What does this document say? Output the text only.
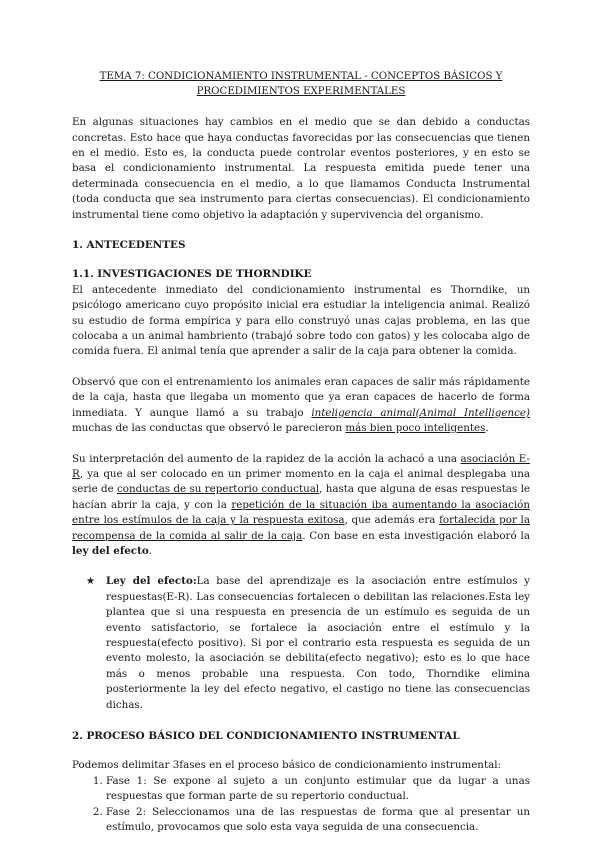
TEMA 7: CONDICIONAMIENTO INSTRUMENTAL - CONCEPTOS BÁSICOS Y
PROCEDIMIENTOS EXPERIMENTALES

En algunas situaciones hay cambios en el medio que se dan debido a conductas concretas. Esto hace que haya conductas favorecidas por las consecuencias que tienen en el medio. Esto es, la conducta puede controlar eventos posteriores, y en esto se basa el condicionamiento instrumental. La respuesta emitida puede tener una determinada consecuencia en el medio, a lo que llamamos Conducta Instrumental (toda conducta que sea instrumento para ciertas consecuencias). El condicionamiento instrumental tiene como objetivo la adaptación y supervivencia del organismo.

1. ANTECEDENTES
1.1. INVESTIGACIONES DE THORNDIKE

El antecedente inmediato del condicionamiento instrumental es Thorndike, un psicólogo americano cuyo propósito inicial era estudiar la inteligencia animal. Realizó su estudio de forma empírica y para ello construyó unas cajas problema, en las que colocaba a un animal hambriento (trabajó sobre todo con gatos) y les colocaba algo de comida fuera. El animal tenía que aprender a salir de la caja para obtener la comida.

Observó que con el entrenamiento los animales eran capaces de salir más rápidamente de la caja, hasta que llegaba un momento que ya eran capaces de hacerlo de forma inmediata. Y aunque llamó a su trabajo inteligencia animal(Animal Intelligence) muchas de las conductas que observó le parecieron más bien poco inteligentes.

Su interpretación del aumento de la rapidez de la acción la achacó a una asociación E-R, ya que al ser colocado en un primer momento en la caja el animal desplegaba una serie de conductas de su repertorio conductual, hasta que alguna de esas respuestas le hacían abrir la caja, y con la repetición de la situación iba aumentando la asociación entre los estímulos de la caja y la respuesta exitosa, que además era fortalecida por la recompensa de la comida al salir de la caja. Con base en esta investigación elaboró la ley del efecto.

★ Ley del efecto:La base del aprendizaje es la asociación entre estímulos y respuestas(E-R). Las consecuencias fortalecen o debilitan las relaciones.Esta ley plantea que si una respuesta en presencia de un estímulo es seguida de un evento satisfactorio, se fortalece la asociación entre el estímulo y la respuesta(efecto positivo). Si por el contrario esta respuesta es seguida de un evento molesto, la asociación se debilita(efecto negativo); esto es lo que hace más o menos probable una respuesta. Con todo, Thorndike elimina posteriormente la ley del efecto negativo, el castigo no tiene las consecuencias dichas.
2. PROCESO BÁSICO DEL CONDICIONAMIENTO INSTRUMENTAL

Podemos delimitar 3fases en el proceso básico de condicionamiento instrumental:

1. Fase 1: Se expone al sujeto a un conjunto estimular que da lugar a unas respuestas que forman parte de su repertorio conductual.
2. Fase 2: Seleccionamos una de las respuestas de forma que al presentar un estímulo, provocamos que solo esta vaya seguida de una consecuencia.
